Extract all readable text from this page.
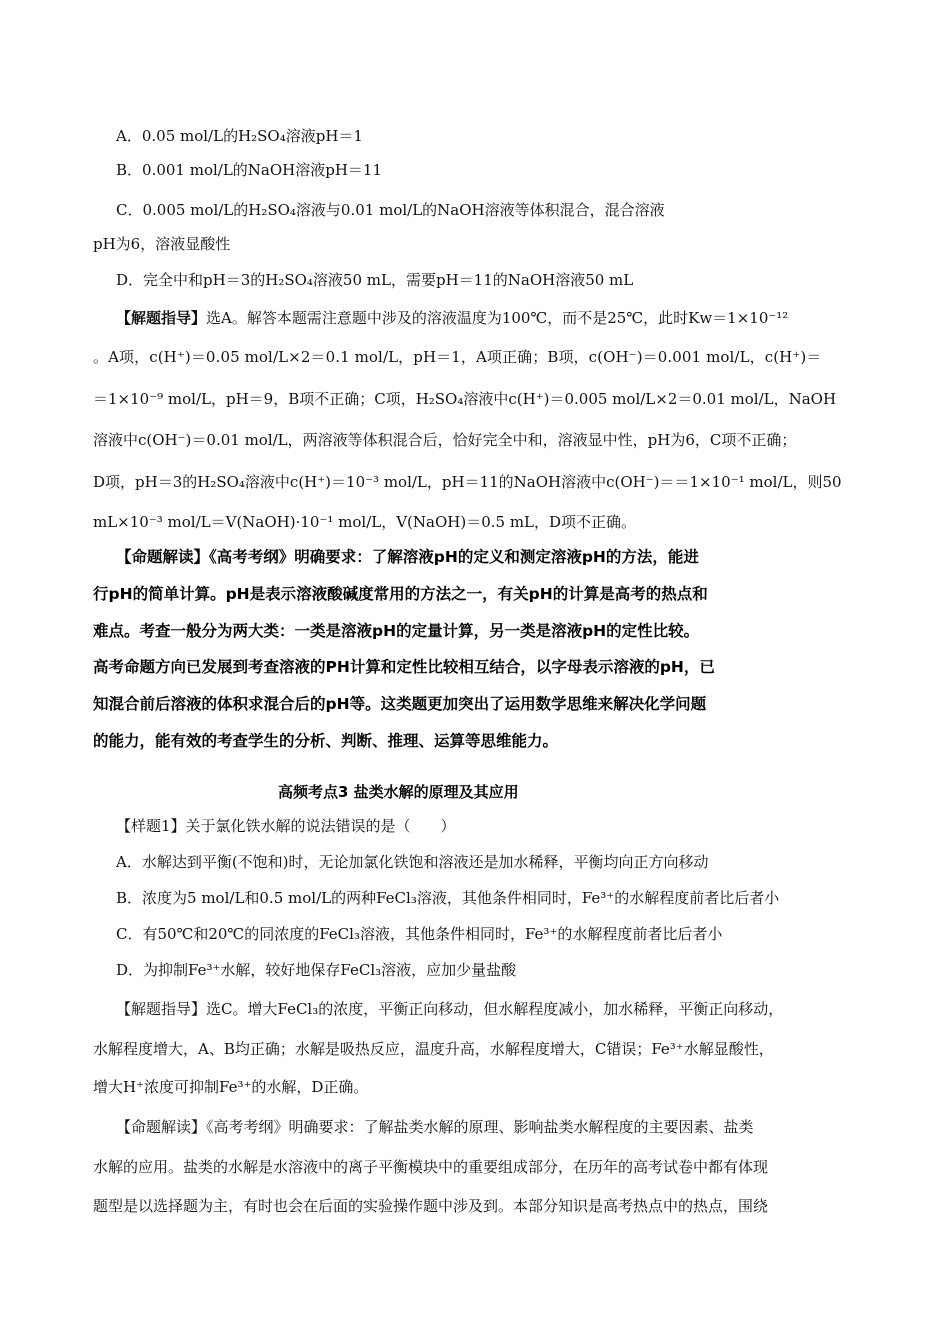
A．0.05 mol/L的H₂SO₄溶液pH＝1
B．0.001 mol/L的NaOH溶液pH＝11
C．0.005 mol/L的H₂SO₄溶液与0.01 mol/L的NaOH溶液等体积混合，混合溶液
pH为6，溶液显酸性
D．完全中和pH＝3的H₂SO₄溶液50 mL，需要pH＝11的NaOH溶液50 mL
【解题指导】选A。解答本题需注意题中涉及的溶液温度为100℃，而不是25℃，此时Kw＝1×10⁻¹²
。A项，c(H⁺)＝0.05 mol/L×2＝0.1 mol/L，pH＝1，A项正确；B项，c(OH⁻)＝0.001 mol/L，c(H⁺)＝
＝1×10⁻⁹ mol/L，pH＝9，B项不正确；C项，H₂SO₄溶液中c(H⁺)＝0.005 mol/L×2＝0.01 mol/L，NaOH
溶液中c(OH⁻)＝0.01 mol/L，两溶液等体积混合后，恰好完全中和，溶液显中性，pH为6，C项不正确；
D项，pH＝3的H₂SO₄溶液中c(H⁺)＝10⁻³ mol/L，pH＝11的NaOH溶液中c(OH⁻)＝＝1×10⁻¹ mol/L，则50
mL×10⁻³ mol/L＝V(NaOH)·10⁻¹ mol/L，V(NaOH)＝0.5 mL，D项不正确。
【命题解读】《高考考纲》明确要求：了解溶液pH的定义和测定溶液pH的方法，能进
行pH的简单计算。pH是表示溶液酸碱度常用的方法之一，有关pH的计算是高考的热点和
难点。考查一般分为两大类：一类是溶液pH的定量计算，另一类是溶液pH的定性比较。
高考命题方向已发展到考查溶液的PH计算和定性比较相互结合，以字母表示溶液的pH，已
知混合前后溶液的体积求混合后的pH等。这类题更加突出了运用数学思维来解决化学问题
的能力，能有效的考查学生的分析、判断、推理、运算等思维能力。
高频考点3 盐类水解的原理及其应用
【样题1】关于氯化铁水解的说法错误的是（　　）
A．水解达到平衡(不饱和)时，无论加氯化铁饱和溶液还是加水稀释，平衡均向正方向移动
B．浓度为5 mol/L和0.5 mol/L的两种FeCl₃溶液，其他条件相同时，Fe³⁺的水解程度前者比后者小
C．有50℃和20℃的同浓度的FeCl₃溶液，其他条件相同时，Fe³⁺的水解程度前者比后者小
D．为抑制Fe³⁺水解，较好地保存FeCl₃溶液，应加少量盐酸
【解题指导】选C。增大FeCl₃的浓度，平衡正向移动，但水解程度减小，加水稀释，平衡正向移动，
水解程度增大，A、B均正确；水解是吸热反应，温度升高，水解程度增大，C错误；Fe³⁺水解显酸性，
增大H⁺浓度可抑制Fe³⁺的水解，D正确。
【命题解读】《高考考纲》明确要求：了解盐类水解的原理、影响盐类水解程度的主要因素、盐类
水解的应用。盐类的水解是水溶液中的离子平衡模块中的重要组成部分，在历年的高考试卷中都有体现
题型是以选择题为主，有时也会在后面的实验操作题中涉及到。本部分知识是高考热点中的热点，围绕
